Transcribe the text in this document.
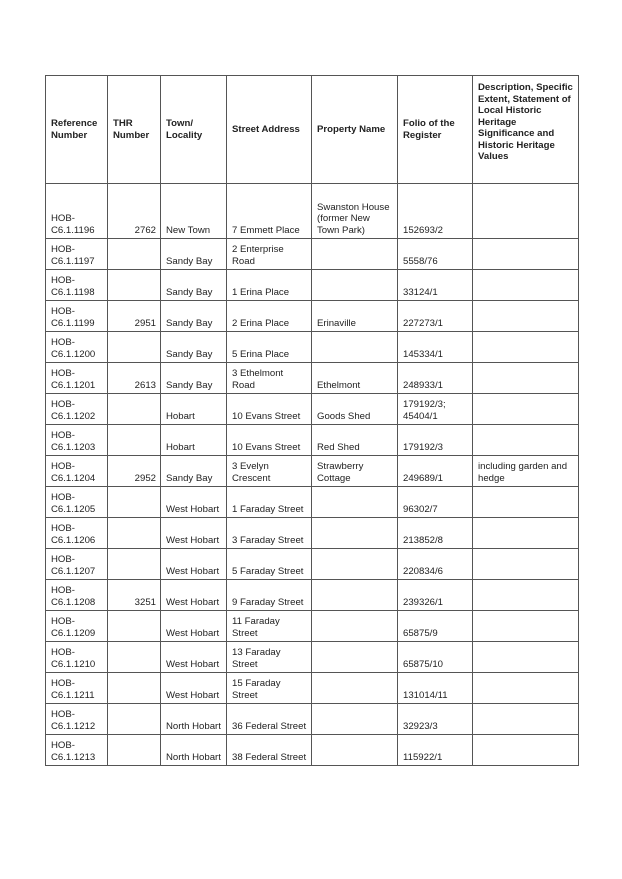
Reference Number	THR Number	Town/ Locality	Street Address	Property Name	Folio of the Register	Description, Specific Extent, Statement of Local Historic Heritage Significance and Historic Heritage Values
HOB-C6.1.1196	2762	New Town	7 Emmett Place	Swanston House (former New Town Park)	152693/2	
HOB-C6.1.1197		Sandy Bay	2 Enterprise Road		5558/76	
HOB-C6.1.1198		Sandy Bay	1 Erina Place		33124/1	
HOB-C6.1.1199	2951	Sandy Bay	2 Erina Place	Erinaville	227273/1	
HOB-C6.1.1200		Sandy Bay	5 Erina Place		145334/1	
HOB-C6.1.1201	2613	Sandy Bay	3 Ethelmont Road	Ethelmont	248933/1	
HOB-C6.1.1202		Hobart	10 Evans Street	Goods Shed	179192/3; 45404/1	
HOB-C6.1.1203		Hobart	10 Evans Street	Red Shed	179192/3	
HOB-C6.1.1204	2952	Sandy Bay	3 Evelyn Crescent	Strawberry Cottage	249689/1	including garden and hedge
HOB-C6.1.1205		West Hobart	1 Faraday Street		96302/7	
HOB-C6.1.1206		West Hobart	3 Faraday Street		213852/8	
HOB-C6.1.1207		West Hobart	5 Faraday Street		220834/6	
HOB-C6.1.1208	3251	West Hobart	9 Faraday Street		239326/1	
HOB-C6.1.1209		West Hobart	11 Faraday Street		65875/9	
HOB-C6.1.1210		West Hobart	13 Faraday Street		65875/10	
HOB-C6.1.1211		West Hobart	15 Faraday Street		131014/11	
HOB-C6.1.1212		North Hobart	36 Federal Street		32923/3	
HOB-C6.1.1213		North Hobart	38 Federal Street		115922/1	
